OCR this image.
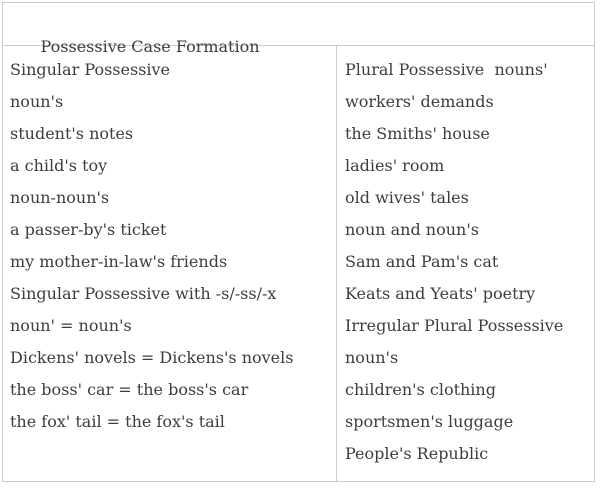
Possessive Case Formation

Singular Possessive
noun's
student's notes
a child's toy
noun-noun's
a passer-by's ticket
my mother-in-law's friends
Singular Possessive with -s/-ss/-x
noun' = noun's
Dickens' novels = Dickens's novels
the boss' car = the boss's car
the fox' tail = the fox's tail
Plural Possessive  nouns'
workers' demands
the Smiths' house
ladies' room
old wives' tales
noun and noun's
Sam and Pam's cat
Keats and Yeats' poetry
Irregular Plural Possessive
noun's
children's clothing
sportsmen's luggage
People's Republic
